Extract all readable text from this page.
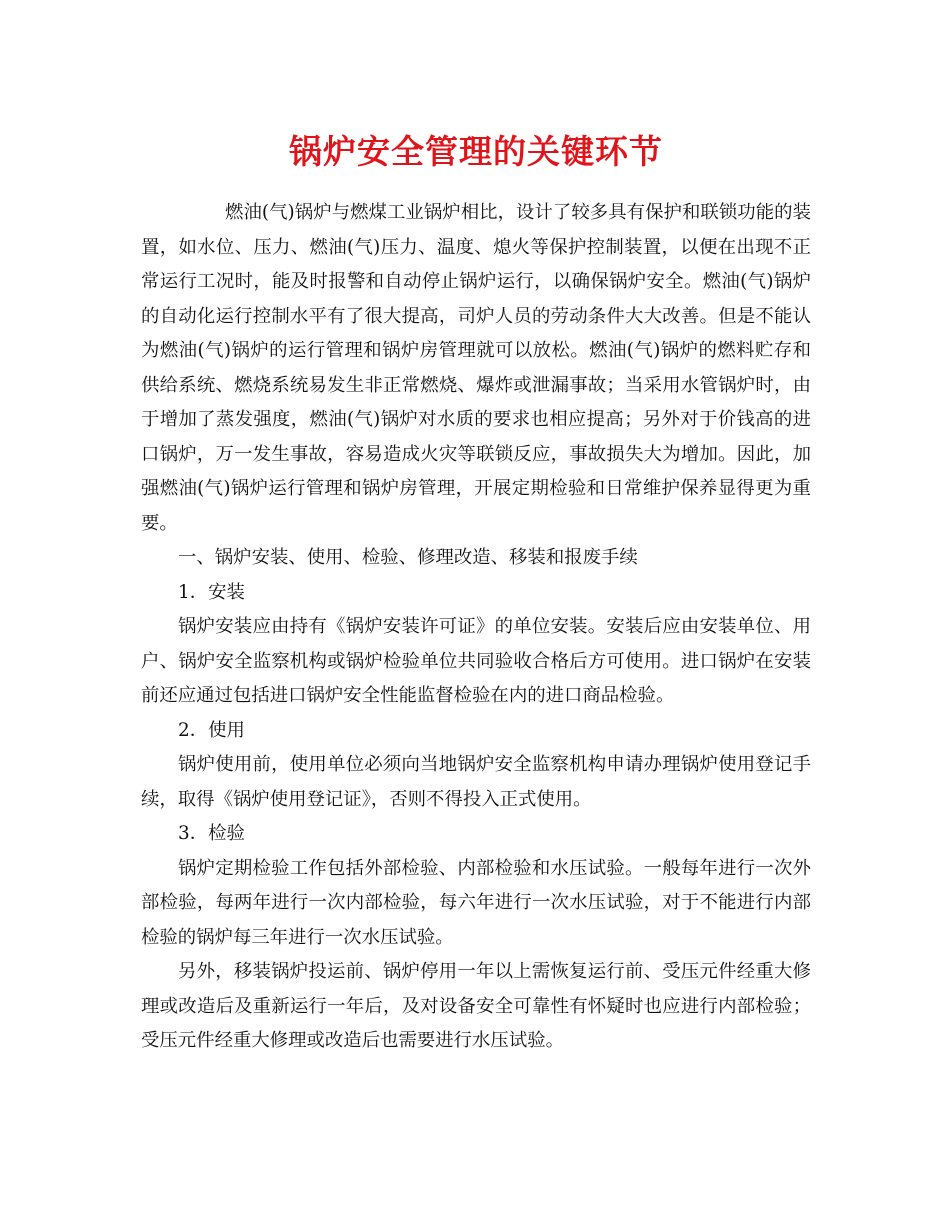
锅炉安全管理的关键环节

燃油(气)锅炉与燃煤工业锅炉相比，设计了较多具有保护和联锁功能的装置，如水位、压力、燃油(气)压力、温度、熄火等保护控制装置，以便在出现不正常运行工况时，能及时报警和自动停止锅炉运行，以确保锅炉安全。燃油(气)锅炉的自动化运行控制水平有了很大提高，司炉人员的劳动条件大大改善。但是不能认为燃油(气)锅炉的运行管理和锅炉房管理就可以放松。燃油(气)锅炉的燃料贮存和供给系统、燃烧系统易发生非正常燃烧、爆炸或泄漏事故；当采用水管锅炉时，由于增加了蒸发强度，燃油(气)锅炉对水质的要求也相应提高；另外对于价钱高的进口锅炉，万一发生事故，容易造成火灾等联锁反应，事故损失大为增加。因此，加强燃油(气)锅炉运行管理和锅炉房管理，开展定期检验和日常维护保养显得更为重要。

一、锅炉安装、使用、检验、修理改造、移装和报废手续

1．安装

锅炉安装应由持有《锅炉安装许可证》的单位安装。安装后应由安装单位、用户、锅炉安全监察机构或锅炉检验单位共同验收合格后方可使用。进口锅炉在安装前还应通过包括进口锅炉安全性能监督检验在内的进口商品检验。

2．使用

锅炉使用前，使用单位必须向当地锅炉安全监察机构申请办理锅炉使用登记手续，取得《锅炉使用登记证》，否则不得投入正式使用。

3．检验

锅炉定期检验工作包括外部检验、内部检验和水压试验。一般每年进行一次外部检验，每两年进行一次内部检验，每六年进行一次水压试验，对于不能进行内部检验的锅炉每三年进行一次水压试验。

另外，移装锅炉投运前、锅炉停用一年以上需恢复运行前、受压元件经重大修理或改造后及重新运行一年后，及对设备安全可靠性有怀疑时也应进行内部检验；受压元件经重大修理或改造后也需要进行水压试验。
